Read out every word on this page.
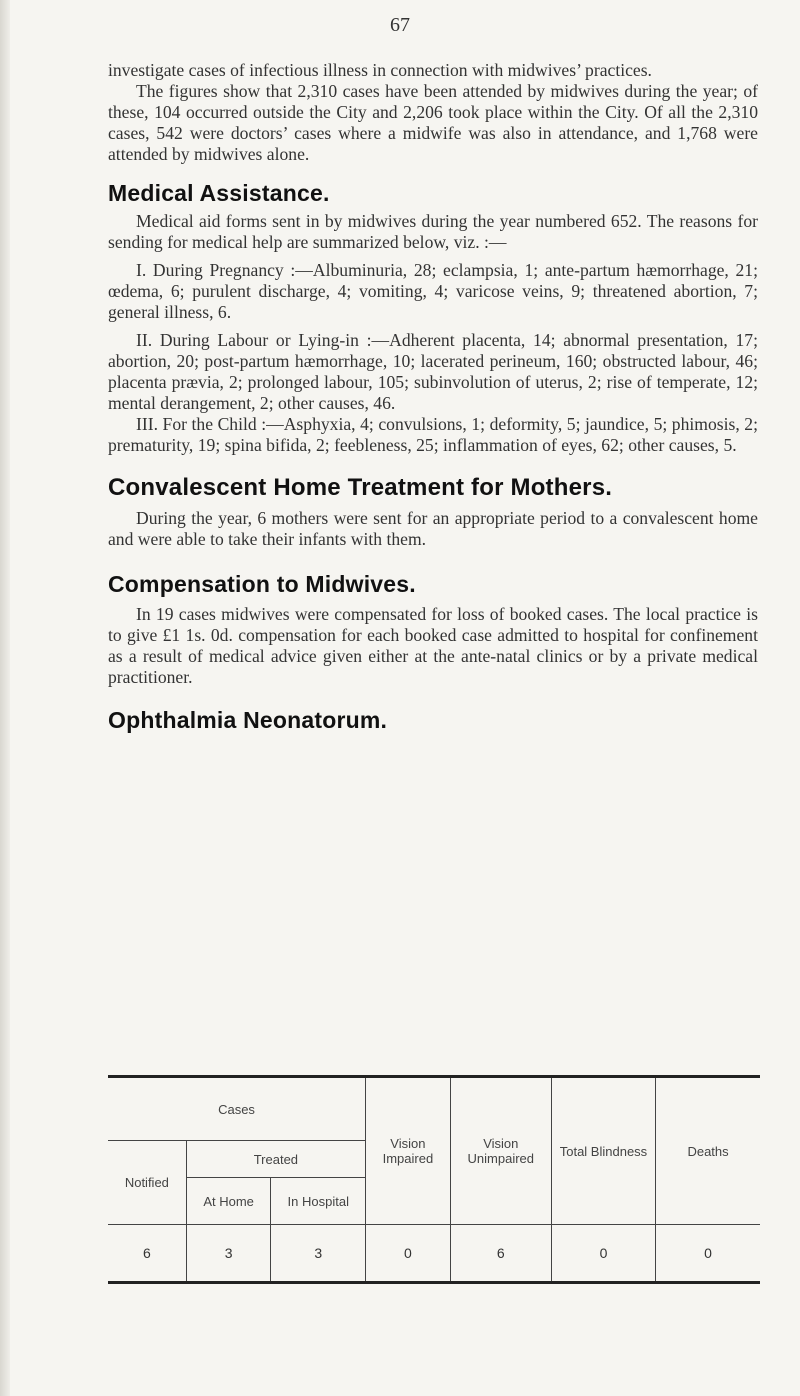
67

investigate cases of infectious illness in connection with midwives’ practices.

The figures show that 2,310 cases have been attended by midwives during the year; of these, 104 occurred outside the City and 2,206 took place within the City. Of all the 2,310 cases, 542 were doctors’ cases where a midwife was also in attendance, and 1,768 were attended by midwives alone.

Medical Assistance.

Medical aid forms sent in by midwives during the year numbered 652. The reasons for sending for medical help are summarized below, viz. :—

I. During Pregnancy :—Albuminuria, 28; eclampsia, 1; ante-partum hæmorrhage, 21; œdema, 6; purulent discharge, 4; vomiting, 4; varicose veins, 9; threatened abortion, 7; general illness, 6.

II. During Labour or Lying-in :—Adherent placenta, 14; abnormal presentation, 17; abortion, 20; post-partum hæmorrhage, 10; lacerated perineum, 160; obstructed labour, 46; placenta prævia, 2; prolonged labour, 105; subinvolution of uterus, 2; rise of temperate, 12; mental derangement, 2; other causes, 46.

III. For the Child :—Asphyxia, 4; convulsions, 1; deformity, 5; jaundice, 5; phimosis, 2; prematurity, 19; spina bifida, 2; feebleness, 25; inflammation of eyes, 62; other causes, 5.

Convalescent Home Treatment for Mothers.

During the year, 6 mothers were sent for an appropriate period to a convalescent home and were able to take their infants with them.

Compensation to Midwives.

In 19 cases midwives were compensated for loss of booked cases. The local practice is to give £1 1s. 0d. compensation for each booked case admitted to hospital for confinement as a result of medical advice given either at the ante-natal clinics or by a private medical practitioner.

Ophthalmia Neonatorum.
Cases			Vision Impaired	Vision Unimpaired	Total Blindness	Deaths
Notified	Treated					
	At Home	In Hospital				
6	3	3	0	6	0	0
